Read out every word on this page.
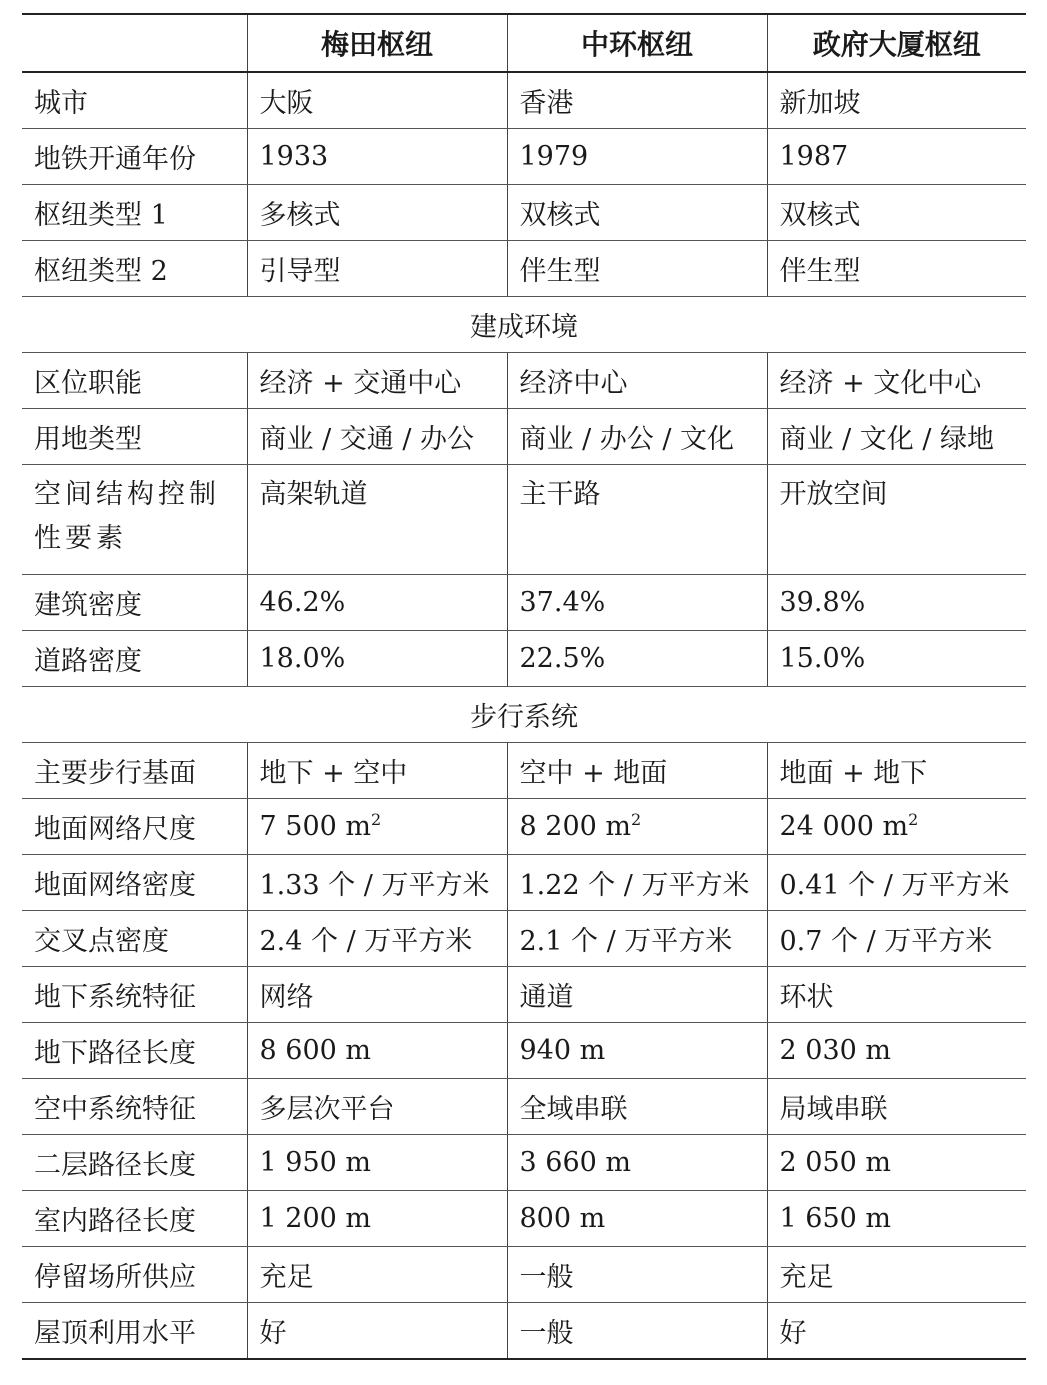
	梅田枢纽	中环枢纽	政府大厦枢纽
城市	大阪	香港	新加坡
地铁开通年份	1933	1979	1987
枢纽类型 1	多核式	双核式	双核式
枢纽类型 2	引导型	伴生型	伴生型
建成环境			
区位职能	经济 + 交通中心	经济中心	经济 + 文化中心
用地类型	商业 / 交通 / 办公	商业 / 办公 / 文化	商业 / 文化 / 绿地
空间结构控制性要素	高架轨道	主干路	开放空间
建筑密度	46.2%	37.4%	39.8%
道路密度	18.0%	22.5%	15.0%
步行系统			
主要步行基面	地下 + 空中	空中 + 地面	地面 + 地下
地面网络尺度	7 500 $m^2$	8 200 $m^2$	24 000 $m^2$
地面网络密度	1.33 个 / 万平方米	1.22 个 / 万平方米	0.41 个 / 万平方米
交叉点密度	2.4 个 / 万平方米	2.1 个 / 万平方米	0.7 个 / 万平方米
地下系统特征	网络	通道	环状
地下路径长度	8 600 m	940 m	2 030 m
空中系统特征	多层次平台	全域串联	局域串联
二层路径长度	1 950 m	3 660 m	2 050 m
室内路径长度	1 200 m	800 m	1 650 m
停留场所供应	充足	一般	充足
屋顶利用水平	好	一般	好
